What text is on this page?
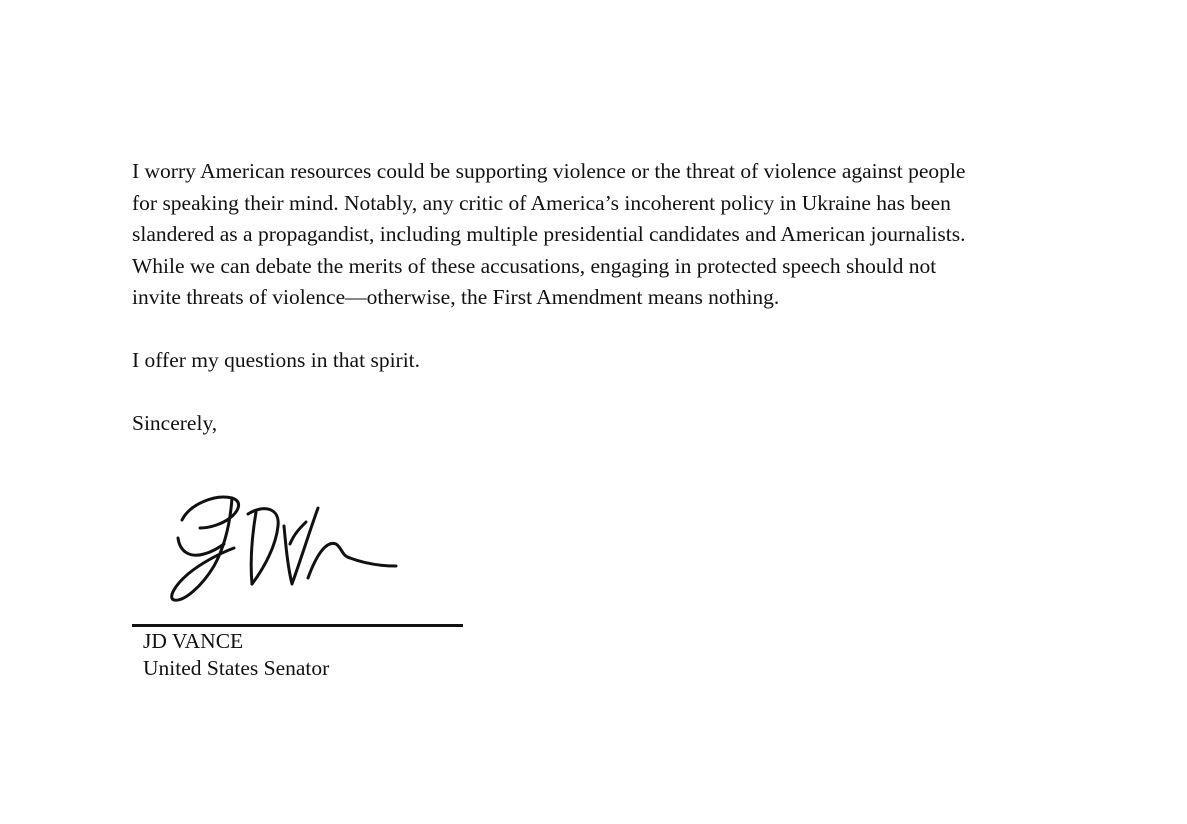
I worry American resources could be supporting violence or the threat of violence against people
for speaking their mind. Notably, any critic of America’s incoherent policy in Ukraine has been
slandered as a propagandist, including multiple presidential candidates and American journalists.
While we can debate the merits of these accusations, engaging in protected speech should not
invite threats of violence—otherwise, the First Amendment means nothing.

I offer my questions in that spirit.

Sincerely,

JD VANCE
United States Senator
